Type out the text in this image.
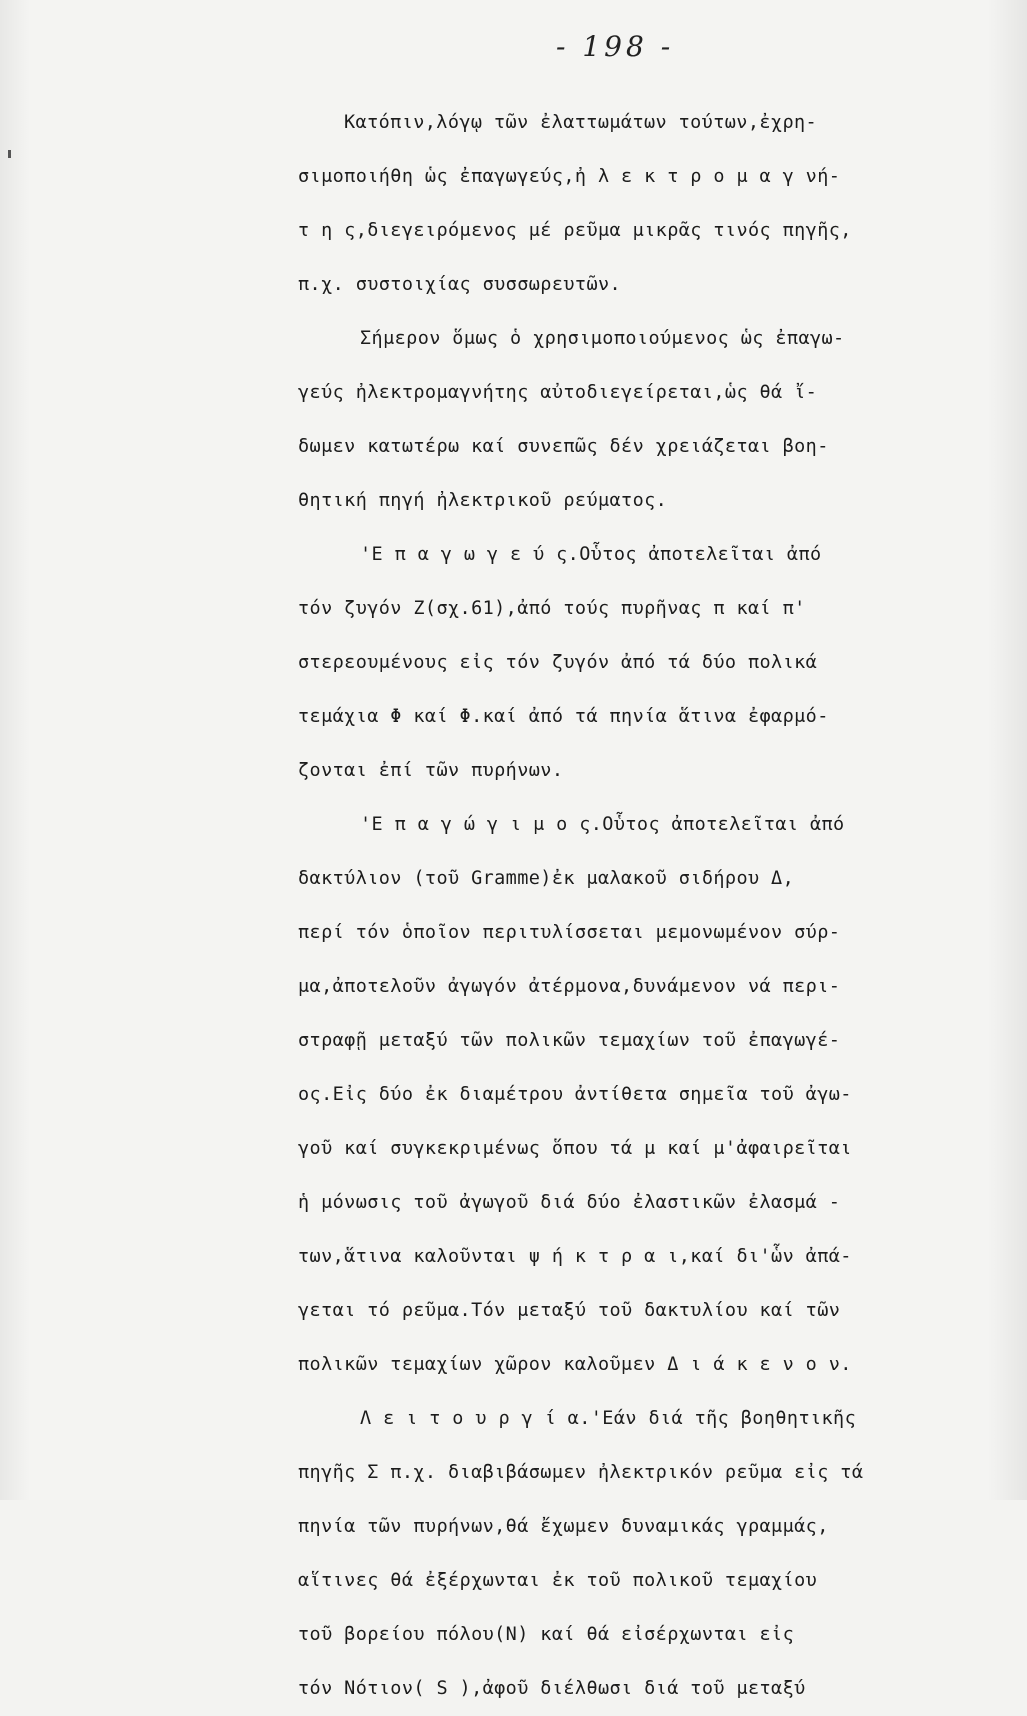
- 198 -
Κατόπιν,λόγῳ τῶν ἐλαττωμάτων τούτων,ἐχρη-
σιμοποιήθη ὡς ἐπαγωγεύς,ἠ λ ε κ τ ρ ο μ α γ νή-
τ η ς,διεγειρόμενος μέ ρεῦμα μικρᾶς τινός πηγῆς,
π.χ. συστοιχίας συσσωρευτῶν.
Σήμερον ὅμως ὁ χρησιμοποιούμενος ὡς ἐπαγω-
γεύς ἠλεκτρομαγνήτης αὐτοδιεγείρεται,ὡς θά ἴ-
δωμεν κατωτέρω καί συνεπῶς δέν χρειάζεται βοη-
θητική πηγή ἠλεκτρικοῦ ρεύματος.
'Ε π α γ ω γ ε ύ ς.Οὗτος ἀποτελεῖται ἀπό
τόν ζυγόν Ζ(σχ.61),ἀπό τούς πυρῆνας π καί π'
στερεουμένους εἰς τόν ζυγόν ἀπό τά δύο πολικά
τεμάχια Φ καί Φ.καί ἀπό τά πηνία ἅτινα ἐφαρμό-
ζονται ἐπί τῶν πυρήνων.
'Ε π α γ ώ γ ι μ ο ς.Οὗτος ἀποτελεῖται ἀπό
δακτύλιον (τοῦ Gramme)ἐκ μαλακοῦ σιδήρου Δ,
περί τόν ὁποῖον περιτυλίσσεται μεμονωμένον σύρ-
μα,ἀποτελοῦν ἀγωγόν ἀτέρμονα,δυνάμενον νά περι-
στραφῇ μεταξύ τῶν πολικῶν τεμαχίων τοῦ ἐπαγωγέ-
ος.Εἰς δύο ἐκ διαμέτρου ἀντίθετα σημεῖα τοῦ ἀγω-
γοῦ καί συγκεκριμένως ὅπου τά μ καί μ'ἀφαιρεῖται
ἡ μόνωσις τοῦ ἀγωγοῦ διά δύο ἐλαστικῶν ἐλασμά -
των,ἅτινα καλοῦνται ψ ή κ τ ρ α ι,καί δι'ὧν ἀπά-
γεται τό ρεῦμα.Τόν μεταξύ τοῦ δακτυλίου καί τῶν
πολικῶν τεμαχίων χῶρον καλοῦμεν Δ ι ά κ ε ν ο ν.
Λ ε ι τ ο υ ρ γ ί α.'Εάν διά τῆς βοηθητικῆς
πηγῆς Σ π.χ. διαβιβάσωμεν ἠλεκτρικόν ρεῦμα εἰς τά
πηνία τῶν πυρήνων,θά ἔχωμεν δυναμικάς γραμμάς,
αἵτινες θά ἐξέρχωνται ἐκ τοῦ πολικοῦ τεμαχίου
τοῦ βορείου πόλου(Ν) καί θά εἰσέρχωνται εἰς
τόν Νότιον( S ),ἀφοῦ διέλθωσι διά τοῦ μεταξύ
